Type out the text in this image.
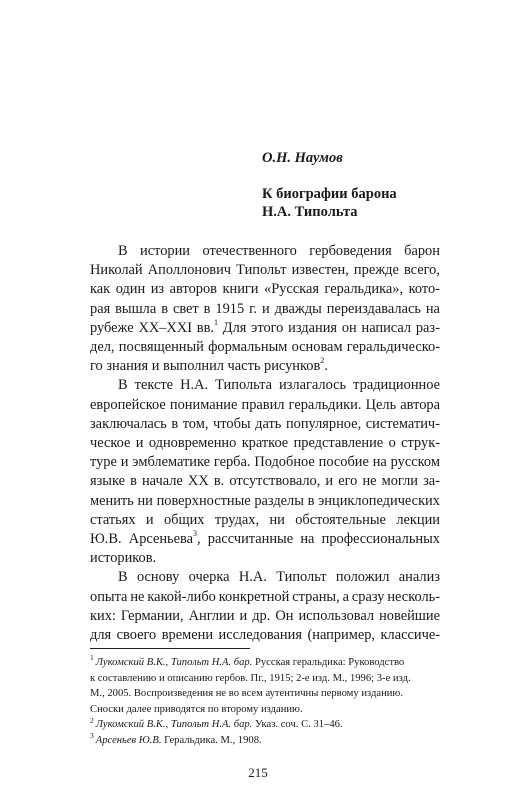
О.Н. Наумов
К биографии барона
Н.А. Типольта
В истории отечественного гербоведения барон
Николай Аполлонович Типольт известен, прежде всего,
как один из авторов книги «Русская геральдика», кото-
рая вышла в свет в 1915 г. и дважды переиздавалась на
рубеже XX–XXI вв.$^1$ Для этого издания он написал раз-
дел, посвященный формальным основам геральдическо-
го знания и выполнил часть рисунков$^2$.
В тексте Н.А. Типольта излагалось традиционное
европейское понимание правил геральдики. Цель автора
заключалась в том, чтобы дать популярное, систематич-
ческое и одновременно краткое представление о струк-
туре и эмблематике герба. Подобное пособие на русском
языке в начале XX в. отсутствовало, и его не могли за-
менить ни поверхностные разделы в энциклопедических
статьях и общих трудах, ни обстоятельные лекции
Ю.В. Арсеньева$^3$, рассчитанные на профессиональных
историков.
В основу очерка Н.А. Типольт положил анализ
опыта не какой-либо конкретной страны, а сразу несколь-
ких: Германии, Англии и др. Он использовал новейшие
для своего времени исследования (например, классиче-
$^1$ Лукомский В.К., Типольт Н.А. бар. Русская геральдика: Руководство
к составлению и описанию гербов. Пг., 1915; 2-е изд. М., 1996; 3-е изд.
М., 2005. Воспроизведения не во всем аутентичны первому изданию.
Сноски далее приводятся по второму изданию.
$^2$ Лукомский В.К., Типольт Н.А. бар. Указ. соч. С. 31–46.
$^3$ Арсеньев Ю.В. Геральдика. М., 1908.
215
